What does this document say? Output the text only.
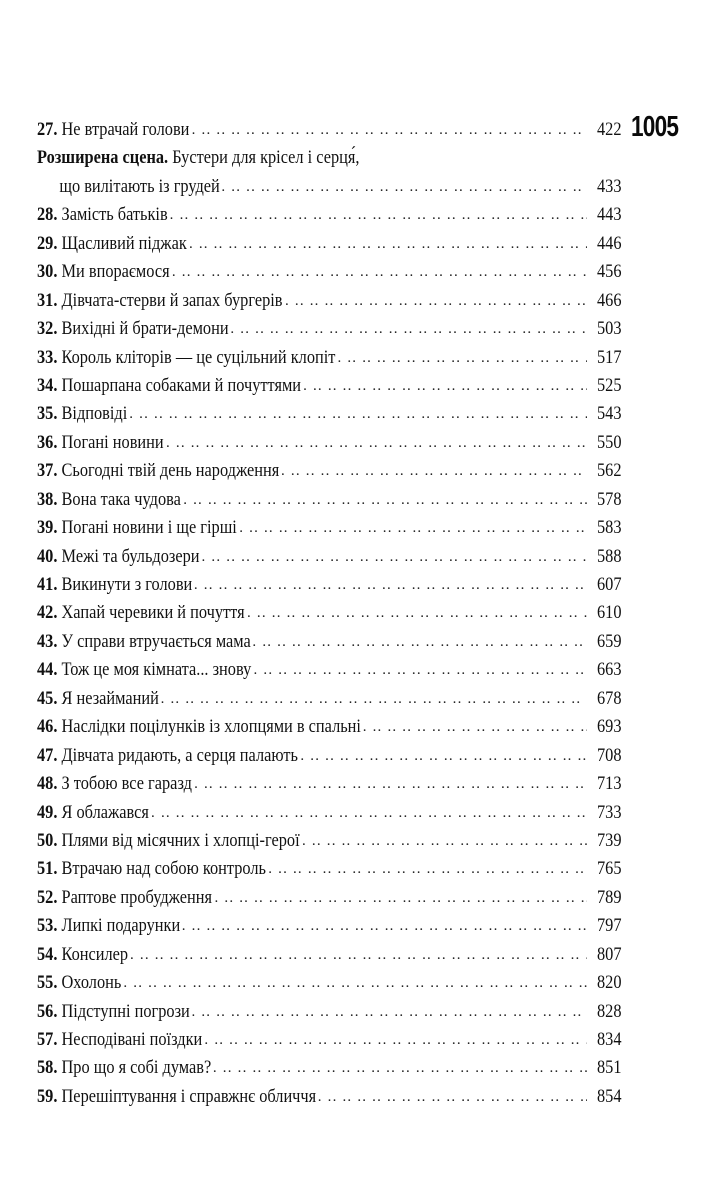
1005
27. Не втрачай голови . ..	422
Розширена сцена. Бустери для крісел і серця́,
що вилітають із грудей . ..	433
28. Замість батьків . ..	443
29. Щасливий піджак . ..	446
30. Ми впораємося . ..	456
31. Дівчата-стерви й запах бургерів . ..	466
32. Вихідні й брати-демони . ..	503
33. Король кліторів — це суцільний клопіт . ..	517
34. Пошарпана собаками й почуттями . ..	525
35. Відповіді . ..	543
36. Погані новини . ..	550
37. Сьогодні твій день народження . ..	562
38. Вона така чудова . ..	578
39. Погані новини і ще гірші . ..	583
40. Межі та бульдозери . ..	588
41. Викинути з голови . ..	607
42. Хапай черевики й почуття . ..	610
43. У справи втручається мама . ..	659
44. Тож це моя кімната... знову . ..	663
45. Я незайманий . ..	678
46. Наслідки поцілунків із хлопцями в спальні . ..	693
47. Дівчата ридають, а серця палають . ..	708
48. З тобою все гаразд . ..	713
49. Я облажався . ..	733
50. Плями від місячних і хлопці-герої . ..	739
51. Втрачаю над собою контроль . ..	765
52. Раптове пробудження . ..	789
53. Липкі подарунки . ..	797
54. Консилер . ..	807
55. Охолонь . ..	820
56. Підступні погрози . ..	828
57. Несподівані поїздки . ..	834
58. Про що я собі думав? . ..	851
59. Перешіптування і справжнє обличчя . ..	854
